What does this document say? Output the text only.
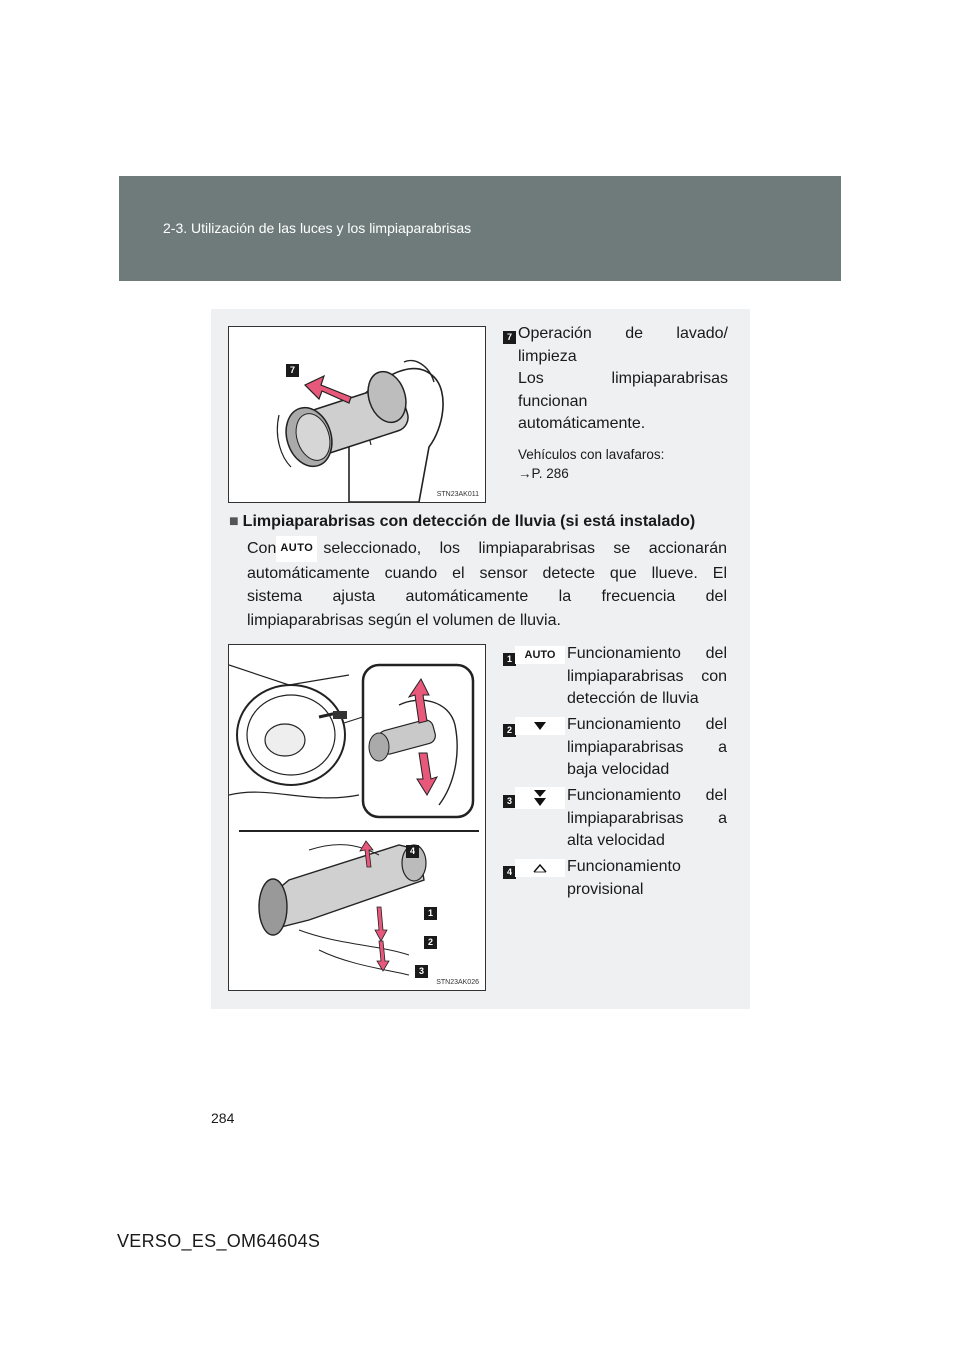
2-3. Utilización de las luces y los limpiaparabrisas
7
STN23AK011
7 Operación de lavado/
limpieza
Los limpiaparabrisas
funcionan
automáticamente.
Vehículos con lavafaros:
→P. 286
■ Limpiaparabrisas con detección de lluvia (si está instalado)
Con AUTO seleccionado, los limpiaparabrisas se accionarán
automáticamente cuando el sensor detecte que llueve. El
sistema ajusta automáticamente la frecuencia del
limpiaparabrisas según el volumen de lluvia.
4
1
2
3
STN23AK026
1	AUTO Funcionamiento del
limpiaparabrisas con
detección de lluvia
2	Funcionamiento del
limpiaparabrisas a
baja velocidad
3	Funcionamiento del
limpiaparabrisas a
alta velocidad
4	Funcionamiento
provisional
284
VERSO_ES_OM64604S
